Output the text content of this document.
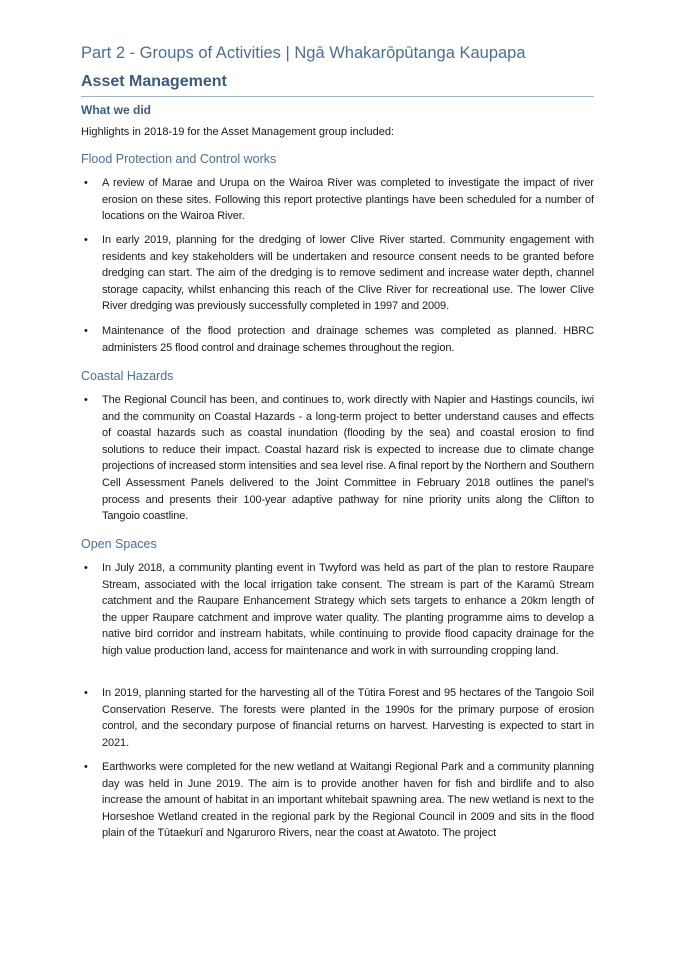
Part 2 - Groups of Activities | Ngā Whakarōpūtanga Kaupapa
Asset Management
What we did
Highlights in 2018-19 for the Asset Management group included:
Flood Protection and Control works
• A review of Marae and Urupa on the Wairoa River was completed to investigate the impact of river erosion on these sites. Following this report protective plantings have been scheduled for a number of locations on the Wairoa River.
• In early 2019, planning for the dredging of lower Clive River started. Community engagement with residents and key stakeholders will be undertaken and resource consent needs to be granted before dredging can start. The aim of the dredging is to remove sediment and increase water depth, channel storage capacity, whilst enhancing this reach of the Clive River for recreational use. The lower Clive River dredging was previously successfully completed in 1997 and 2009.
• Maintenance of the flood protection and drainage schemes was completed as planned. HBRC administers 25 flood control and drainage schemes throughout the region.
Coastal Hazards
• The Regional Council has been, and continues to, work directly with Napier and Hastings councils, iwi and the community on Coastal Hazards - a long-term project to better understand causes and effects of coastal hazards such as coastal inundation (flooding by the sea) and coastal erosion to find solutions to reduce their impact. Coastal hazard risk is expected to increase due to climate change projections of increased storm intensities and sea level rise. A final report by the Northern and Southern Cell Assessment Panels delivered to the Joint Committee in February 2018 outlines the panel’s process and presents their 100-year adaptive pathway for nine priority units along the Clifton to Tangoio coastline.
Open Spaces
• In July 2018, a community planting event in Twyford was held as part of the plan to restore Raupare Stream, associated with the local irrigation take consent. The stream is part of the Karamū Stream catchment and the Raupare Enhancement Strategy which sets targets to enhance a 20km length of the upper Raupare catchment and improve water quality. The planting programme aims to develop a native bird corridor and instream habitats, while continuing to provide flood capacity drainage for the high value production land, access for maintenance and work in with surrounding cropping land.
• In 2019, planning started for the harvesting all of the Tūtira Forest and 95 hectares of the Tangoio Soil Conservation Reserve. The forests were planted in the 1990s for the primary purpose of erosion control, and the secondary purpose of financial returns on harvest. Harvesting is expected to start in 2021.
• Earthworks were completed for the new wetland at Waitangi Regional Park and a community planning day was held in June 2019. The aim is to provide another haven for fish and birdlife and to also increase the amount of habitat in an important whitebait spawning area. The new wetland is next to the Horseshoe Wetland created in the regional park by the Regional Council in 2009 and sits in the flood plain of the Tūtaekurī and Ngaruroro Rivers, near the coast at Awatoto. The project
